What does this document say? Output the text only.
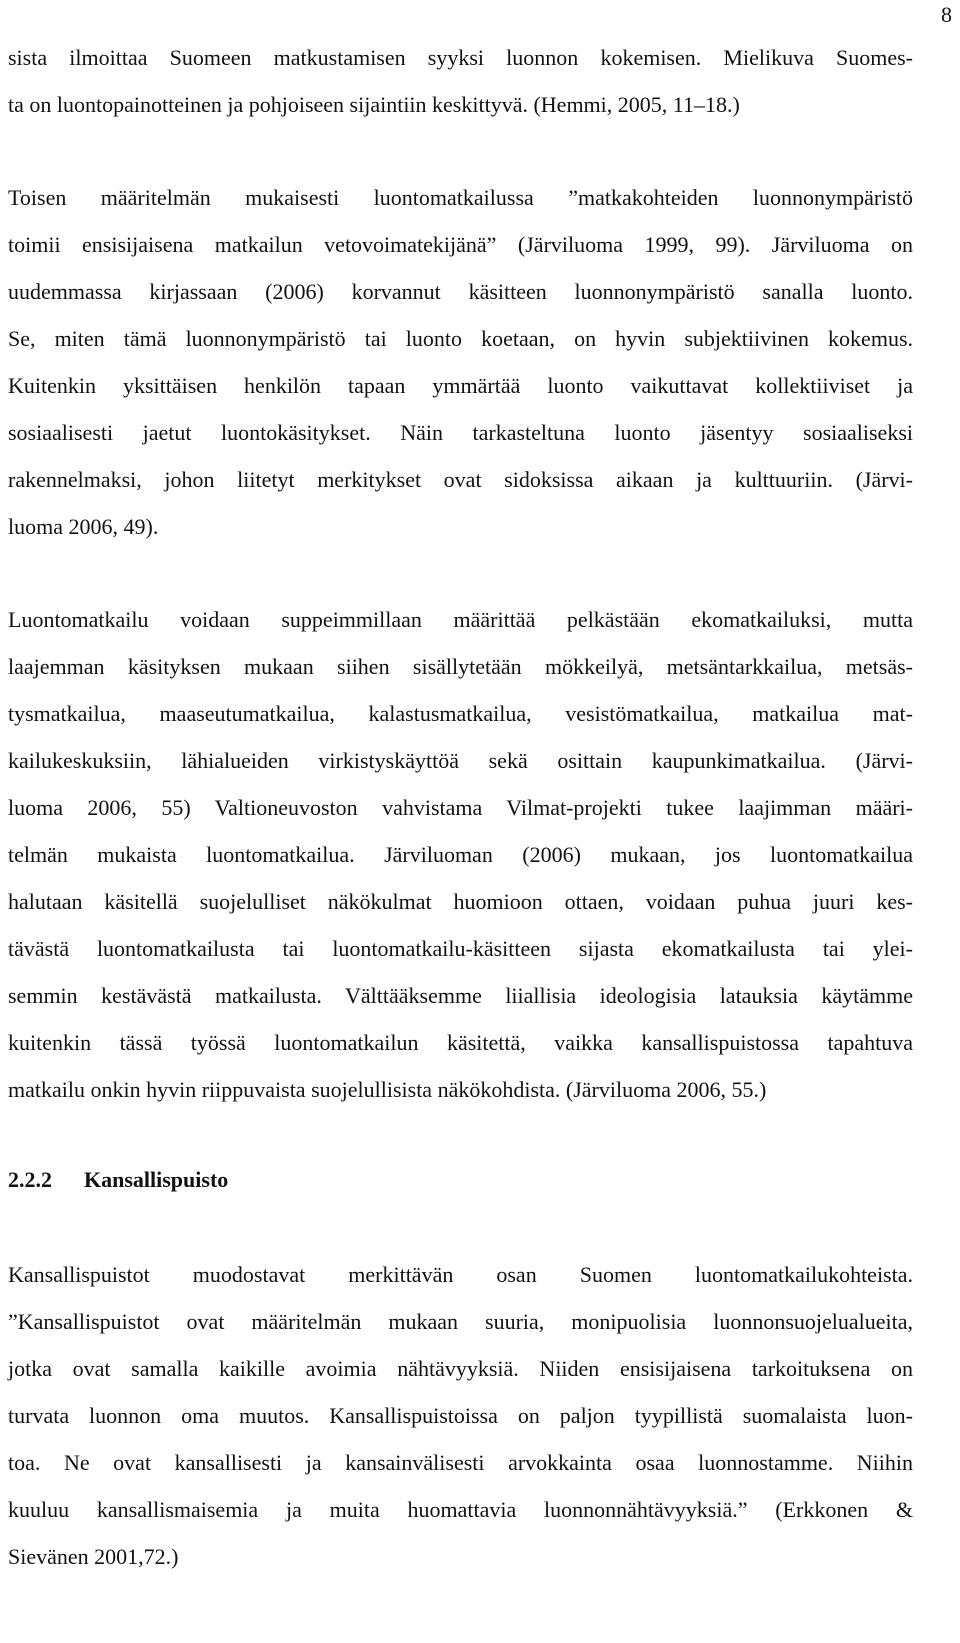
8
sista ilmoittaa Suomeen matkustamisen syyksi luonnon kokemisen. Mielikuva Suomes-
ta on luontopainotteinen ja pohjoiseen sijaintiin keskittyvä. (Hemmi, 2005, 11–18.)
Toisen määritelmän mukaisesti luontomatkailussa ”matkakohteiden luonnonympäristö
toimii ensisijaisena matkailun vetovoimatekijänä” (Järviluoma 1999, 99). Järviluoma on
uudemmassa kirjassaan (2006) korvannut käsitteen luonnonympäristö sanalla luonto.
Se, miten tämä luonnonympäristö tai luonto koetaan, on hyvin subjektiivinen kokemus.
Kuitenkin yksittäisen henkilön tapaan ymmärtää luonto vaikuttavat kollektiiviset ja
sosiaalisesti jaetut luontokäsitykset. Näin tarkasteltuna luonto jäsentyy sosiaaliseksi
rakennelmaksi, johon liitetyt merkitykset ovat sidoksissa aikaan ja kulttuuriin. (Järvi-
luoma 2006, 49).
Luontomatkailu voidaan suppeimmillaan määrittää pelkästään ekomatkailuksi, mutta
laajemman käsityksen mukaan siihen sisällytetään mökkeilyä, metsäntarkkailua, metsäs-
tysmatkailua, maaseutumatkailua, kalastusmatkailua, vesistömatkailua, matkailua mat-
kailukeskuksiin, lähialueiden virkistyskäyttöä sekä osittain kaupunkimatkailua. (Järvi-
luoma 2006, 55) Valtioneuvoston vahvistama Vilmat-projekti tukee laajimman määri-
telmän mukaista luontomatkailua. Järviluoman (2006) mukaan, jos luontomatkailua
halutaan käsitellä suojelulliset näkökulmat huomioon ottaen, voidaan puhua juuri kes-
tävästä luontomatkailusta tai luontomatkailu-käsitteen sijasta ekomatkailusta tai ylei-
semmin kestävästä matkailusta. Välttääksemme liiallisia ideologisia latauksia käytämme
kuitenkin tässä työssä luontomatkailun käsitettä, vaikka kansallispuistossa tapahtuva
matkailu onkin hyvin riippuvaista suojelullisista näkökohdista. (Järviluoma 2006, 55.)
2.2.2 Kansallispuisto
Kansallispuistot muodostavat merkittävän osan Suomen luontomatkailukohteista.
”Kansallispuistot ovat määritelmän mukaan suuria, monipuolisia luonnonsuojelualueita,
jotka ovat samalla kaikille avoimia nähtävyyksiä. Niiden ensisijaisena tarkoituksena on
turvata luonnon oma muutos. Kansallispuistoissa on paljon tyypillistä suomalaista luon-
toa. Ne ovat kansallisesti ja kansainvälisesti arvokkainta osaa luonnostamme. Niihin
kuuluu kansallismaisemia ja muita huomattavia luonnonnähtävyyksiä.” (Erkkonen &
Sievänen 2001,72.)
